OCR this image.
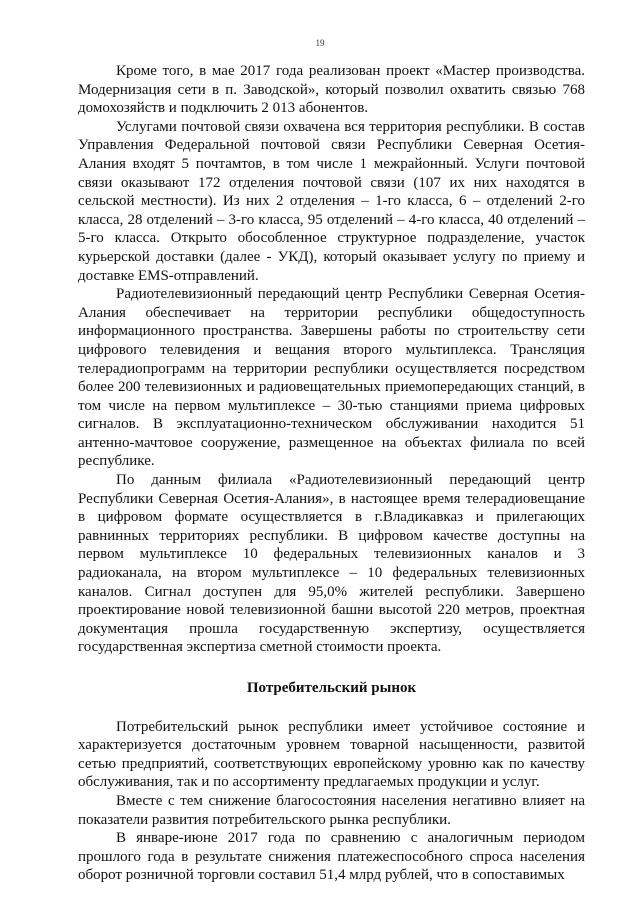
19

Кроме того, в мае 2017 года реализован проект «Мастер производства. Модернизация сети в п. Заводской», который позволил охватить связью 768 домохозяйств и подключить 2 013 абонентов.

Услугами почтовой связи охвачена вся территория республики. В состав Управления Федеральной почтовой связи Республики Северная Осетия-Алания входят 5 почтамтов, в том числе 1 межрайонный. Услуги почтовой связи оказывают 172 отделения почтовой связи (107 их них находятся в сельской местности). Из них 2 отделения – 1-го класса, 6 – отделений 2-го класса, 28 отделений – 3-го класса, 95 отделений – 4-го класса, 40 отделений – 5-го класса. Открыто обособленное структурное подразделение, участок курьерской доставки (далее - УКД), который оказывает услугу по приему и доставке EMS-отправлений.

Радиотелевизионный передающий центр Республики Северная Осетия-Алания обеспечивает на территории республики общедоступность информационного пространства. Завершены работы по строительству сети цифрового телевидения и вещания второго мультиплекса. Трансляция телерадиопрограмм на территории республики осуществляется посредством более 200 телевизионных и радиовещательных приемопередающих станций, в том числе на первом мультиплексе – 30-тью станциями приема цифровых сигналов. В эксплуатационно-техническом обслуживании находится 51 антенно-мачтовое сооружение, размещенное на объектах филиала по всей республике.

По данным филиала «Радиотелевизионный передающий центр Республики Северная Осетия-Алания», в настоящее время телерадиовещание в цифровом формате осуществляется в г.Владикавказ и прилегающих равнинных территориях республики. В цифровом качестве доступны на первом мультиплексе 10 федеральных телевизионных каналов и 3 радиоканала, на втором мультиплексе – 10 федеральных телевизионных каналов. Сигнал доступен для 95,0% жителей республики. Завершено проектирование новой телевизионной башни высотой 220 метров, проектная документация прошла государственную экспертизу, осуществляется государственная экспертиза сметной стоимости проекта.

Потребительский рынок

Потребительский рынок республики имеет устойчивое состояние и характеризуется достаточным уровнем товарной насыщенности, развитой сетью предприятий, соответствующих европейскому уровню как по качеству обслуживания, так и по ассортименту предлагаемых продукции и услуг.

Вместе с тем снижение благосостояния населения негативно влияет на показатели развития потребительского рынка республики.

В январе-июне 2017 года по сравнению с аналогичным периодом прошлого года в результате снижения платежеспособного спроса населения оборот розничной торговли составил 51,4 млрд рублей, что в сопоставимых
